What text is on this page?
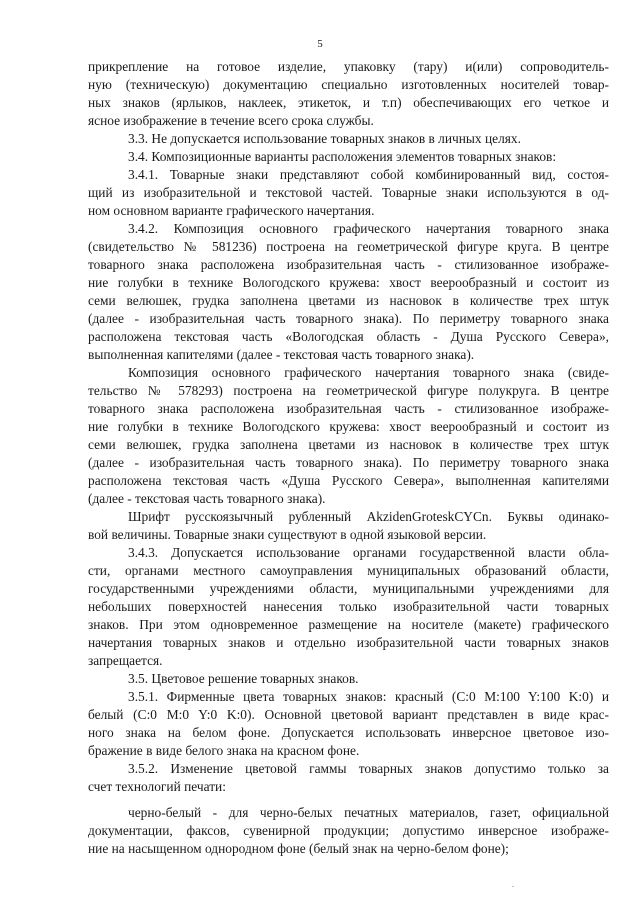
5
прикрепление на готовое изделие, упаковку (тару) и(или) сопроводитель-
ную (техническую) документацию специально изготовленных носителей товар-
ных знаков (ярлыков, наклеек, этикеток, и т.п) обеспечивающих его четкое и
ясное изображение в течение всего срока службы.
3.3. Не допускается использование товарных знаков в личных целях.
3.4. Композиционные варианты расположения элементов товарных знаков:
3.4.1. Товарные знаки представляют собой комбинированный вид, состоя-
щий из изобразительной и текстовой частей. Товарные знаки используются в од-
ном основном варианте графического начертания.
3.4.2. Композиция основного графического начертания товарного знака
(свидетельство № 581236) построена на геометрической фигуре круга. В центре
товарного знака расположена изобразительная часть - стилизованное изображе-
ние голубки в технике Вологодского кружева: хвост веерообразный и состоит из
семи велюшек, грудка заполнена цветами из насновок в количестве трех штук
(далее - изобразительная часть товарного знака). По периметру товарного знака
расположена текстовая часть «Вологодская область - Душа Русского Севера»,
выполненная капителями (далее - текстовая часть товарного знака).
Композиция основного графического начертания товарного знака (свиде-
тельство № 578293) построена на геометрической фигуре полукруга. В центре
товарного знака расположена изобразительная часть - стилизованное изображе-
ние голубки в технике Вологодского кружева: хвост веерообразный и состоит из
семи велюшек, грудка заполнена цветами из насновок в количестве трех штук
(далее - изобразительная часть товарного знака). По периметру товарного знака
расположена текстовая часть «Душа Русского Севера», выполненная капителями
(далее - текстовая часть товарного знака).
Шрифт русскоязычный рубленный AkzidenGroteskCYCn. Буквы одинако-
вой величины. Товарные знаки существуют в одной языковой версии.
3.4.3. Допускается использование органами государственной власти обла-
сти, органами местного самоуправления муниципальных образований области,
государственными учреждениями области, муниципальными учреждениями для
небольших поверхностей нанесения только изобразительной части товарных
знаков. При этом одновременное размещение на носителе (макете) графического
начертания товарных знаков и отдельно изобразительной части товарных знаков
запрещается.
3.5. Цветовое решение товарных знаков.
3.5.1. Фирменные цвета товарных знаков: красный (C:0 M:100 Y:100 K:0) и
белый (C:0 M:0 Y:0 K:0). Основной цветовой вариант представлен в виде крас-
ного знака на белом фоне. Допускается использовать инверсное цветовое изо-
бражение в виде белого знака на красном фоне.
3.5.2. Изменение цветовой гаммы товарных знаков допустимо только за
счет технологий печати:
черно-белый - для черно-белых печатных материалов, газет, официальной
документации, факсов, сувенирной продукции; допустимо инверсное изображе-
ние на насыщенном однородном фоне (белый знак на черно-белом фоне);
